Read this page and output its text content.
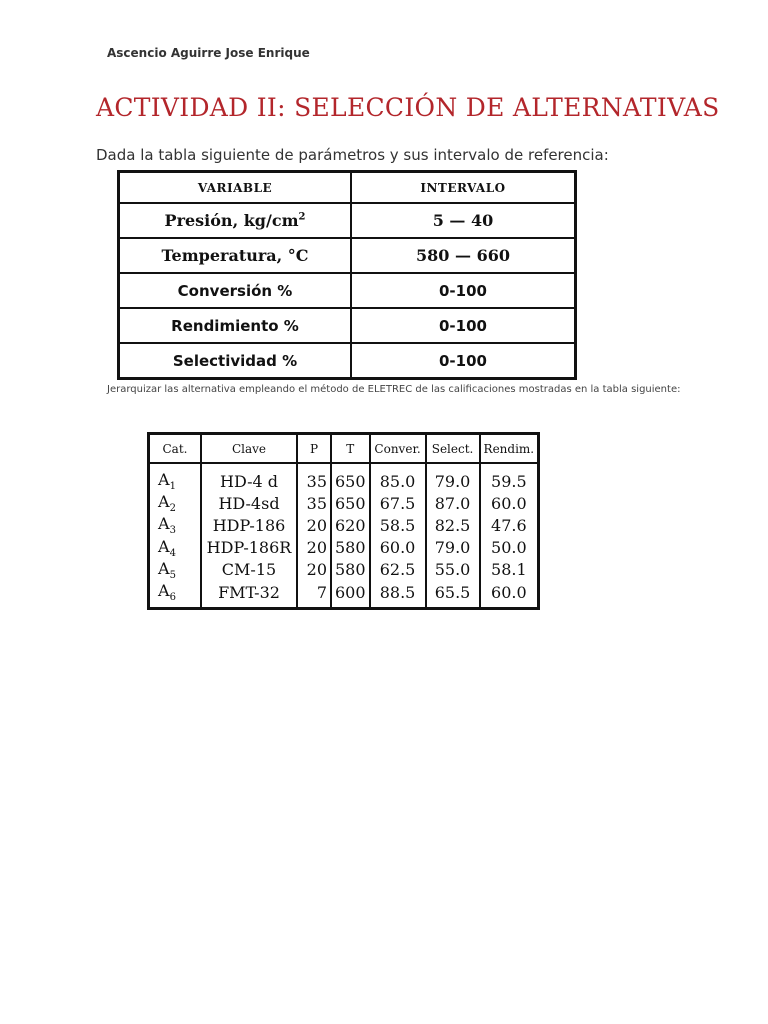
Ascencio Aguirre Jose Enrique
ACTIVIDAD II: SELECCIÓN DE ALTERNATIVAS
Dada la tabla siguiente de parámetros y sus intervalo de referencia:
VARIABLE	INTERVALO
Presión, $kg/cm^2$	5 — 40
Temperatura, °C	580 — 660
Conversión %	0-100
Rendimiento %	0-100
Selectividad %	0-100
Jerarquizar las alternativa empleando el método de ELETREC de las calificaciones mostradas en la tabla siguiente:
Cat.	Clave	P	T	Conver.	Select.	Rendim.
$A_1$	HD-4 d	35	650	85.0	79.0	59.5
$A_2$	HD-4sd	35	650	67.5	87.0	60.0
$A_3$	HDP-186	20	620	58.5	82.5	47.6
$A_4$	HDP-186R	20	580	60.0	79.0	50.0
$A_5$	CM-15	20	580	62.5	55.0	58.1
$A_6$	FMT-32	7	600	88.5	65.5	60.0
